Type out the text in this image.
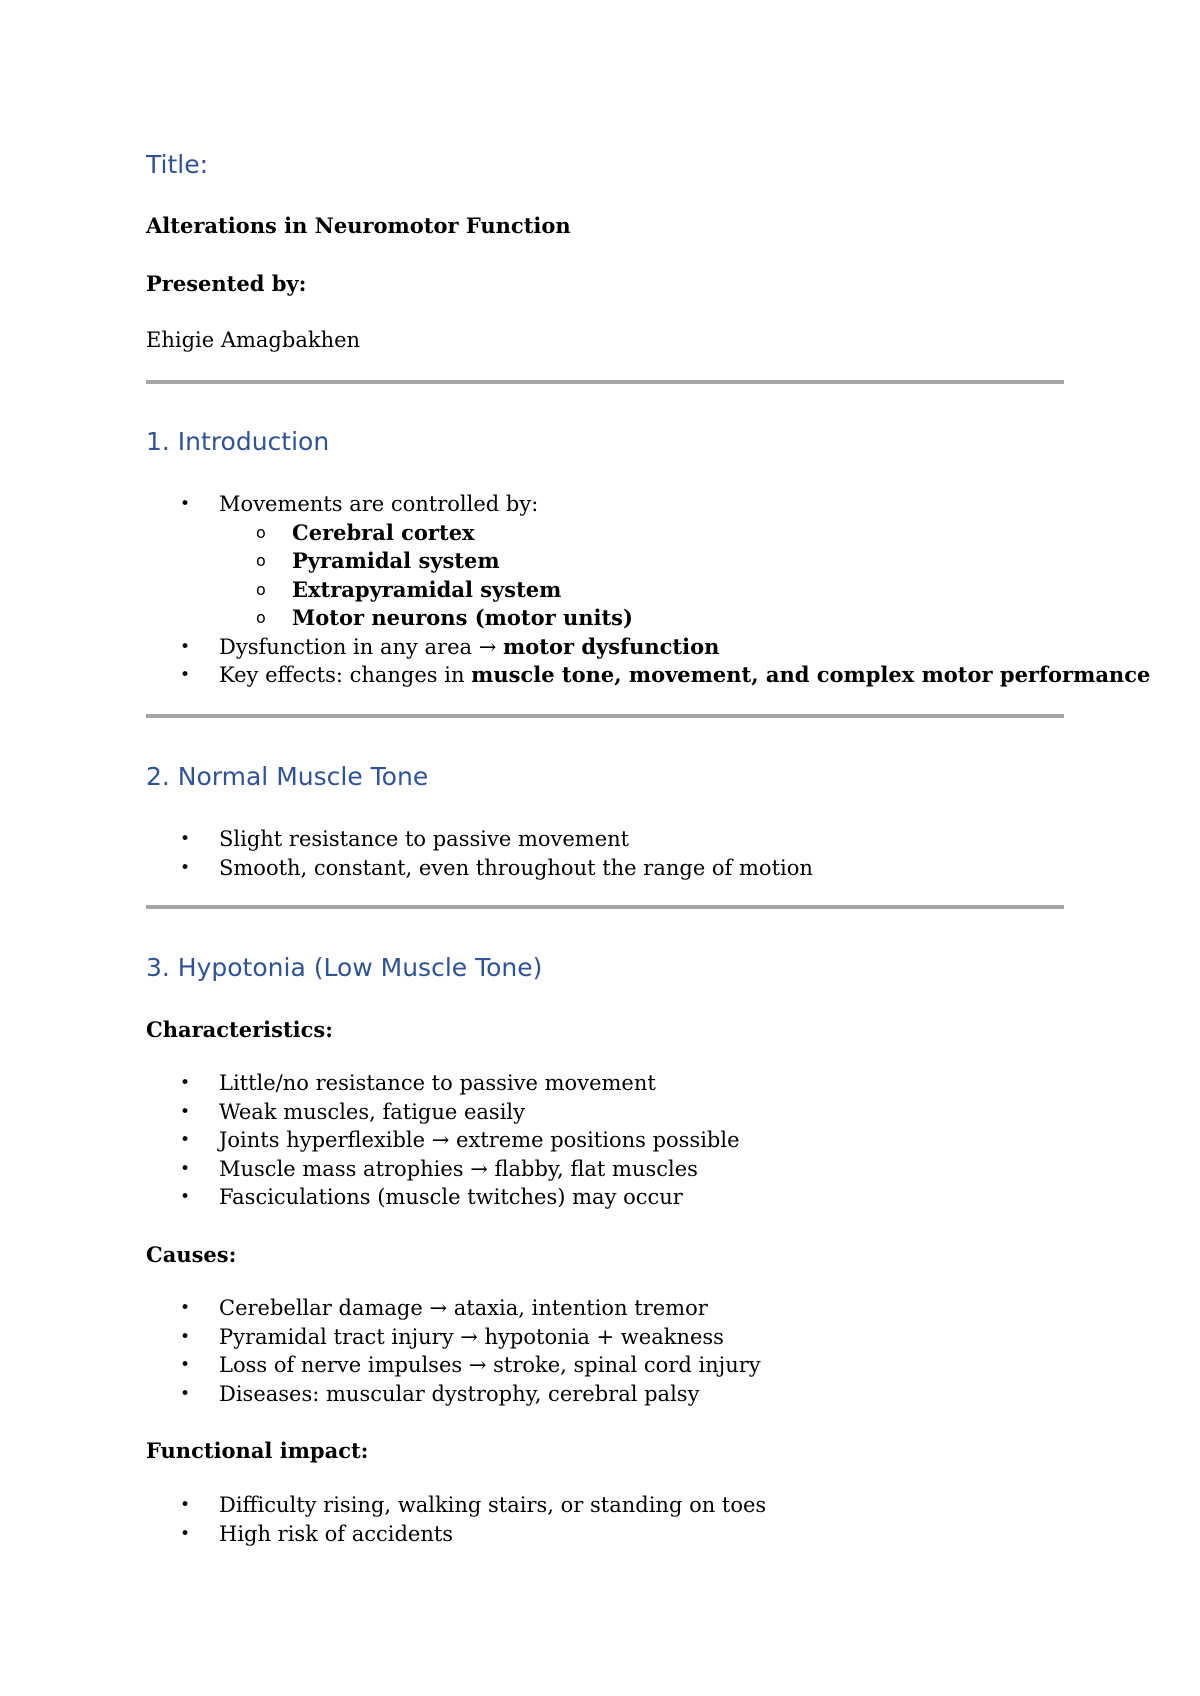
Title:

Alterations in Neuromotor Function

Presented by:

Ehigie Amagbakhen

1. Introduction
• Movements are controlled by:
o Cerebral cortex
o Pyramidal system
o Extrapyramidal system
o Motor neurons (motor units)
• Dysfunction in any area → motor dysfunction
• Key effects: changes in muscle tone, movement, and complex motor performance
2. Normal Muscle Tone
• Slight resistance to passive movement
• Smooth, constant, even throughout the range of motion
3. Hypotonia (Low Muscle Tone)

Characteristics:

• Little/no resistance to passive movement
• Weak muscles, fatigue easily
• Joints hyperflexible → extreme positions possible
• Muscle mass atrophies → flabby, flat muscles
• Fasciculations (muscle twitches) may occur

Causes:

• Cerebellar damage → ataxia, intention tremor
• Pyramidal tract injury → hypotonia + weakness
• Loss of nerve impulses → stroke, spinal cord injury
• Diseases: muscular dystrophy, cerebral palsy

Functional impact:

• Difficulty rising, walking stairs, or standing on toes
• High risk of accidents
